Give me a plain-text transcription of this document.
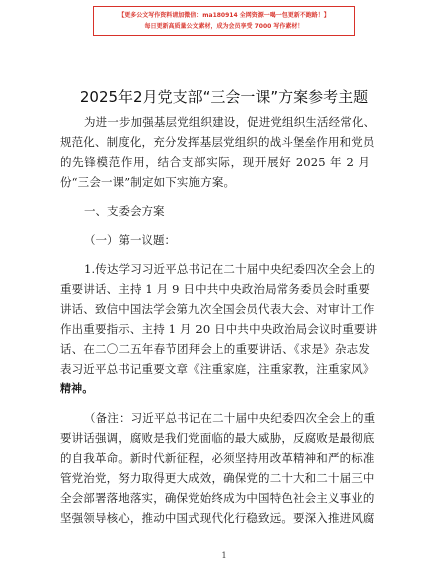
【更多公文写作资料请加微信：ma180914 全网资源一喝一包更新不跑路！】
每日更新高质量公文素材，成为会员享受 7000 写作素材！
2025年2月党支部“三会一课”方案参考主题

为进一步加强基层党组织建设，促进党组织生活经常化、

规范化、制度化，充分发挥基层党组织的战斗堡垒作用和党员

的先锋模范作用，结合支部实际，现开展好 2025 年 2 月

份“三会一课”制定如下实施方案。

一、支委会方案

（一）第一议题：

1.传达学习习近平总书记在二十届中央纪委四次全会上的

重要讲话、主持 1 月 9 日中共中央政治局常务委员会时重要

讲话、致信中国法学会第九次全国会员代表大会、对审计工作

作出重要指示、主持 1 月 20 日中共中央政治局会议时重要讲

话、在二〇二五年春节团拜会上的重要讲话、《求是》杂志发

表习近平总书记重要文章《注重家庭，注重家教，注重家风》

精神。

（备注：习近平总书记在二十届中央纪委四次全会上的重

要讲话强调，腐败是我们党面临的最大威胁，反腐败是最彻底

的自我革命。新时代新征程，必须坚持用改革精神和严的标准

管党治党，努力取得更大成效，确保党的二十大和二十届三中

全会部署落地落实，确保党始终成为中国特色社会主义事业的

坚强领导核心，推动中国式现代化行稳致远。要深入推进风腐

1
